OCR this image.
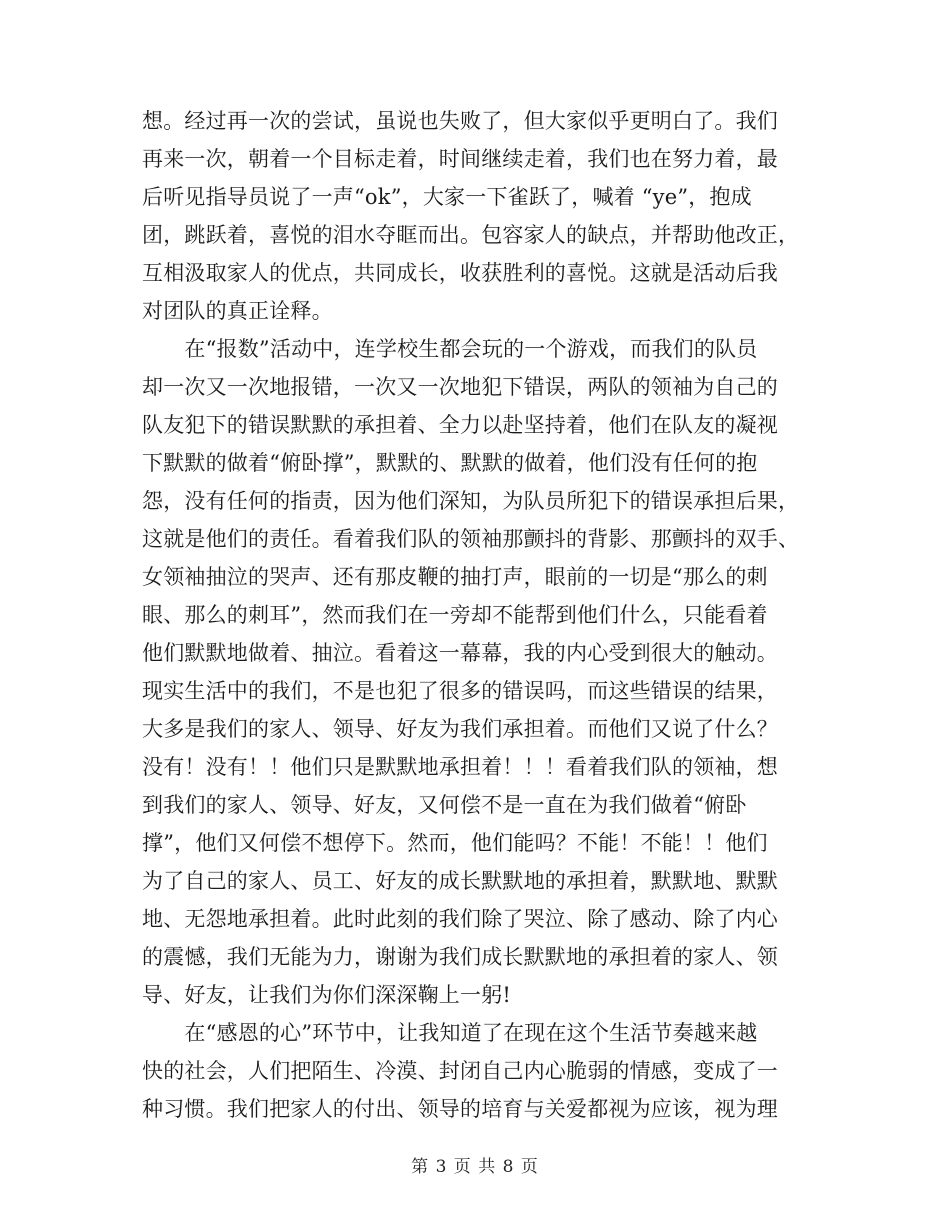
想。经过再一次的尝试，虽说也失败了，但大家似乎更明白了。我们
再来一次，朝着一个目标走着，时间继续走着，我们也在努力着，最
后听见指导员说了一声“ok”，大家一下雀跃了，喊着 “ye”，抱成
团，跳跃着，喜悦的泪水夺眶而出。包容家人的缺点，并帮助他改正，
互相汲取家人的优点，共同成长，收获胜利的喜悦。这就是活动后我
对团队的真正诠释。
　　在“报数”活动中，连学校生都会玩的一个游戏，而我们的队员
却一次又一次地报错，一次又一次地犯下错误，两队的领袖为自己的
队友犯下的错误默默的承担着、全力以赴坚持着，他们在队友的凝视
下默默的做着“俯卧撑”，默默的、默默的做着，他们没有任何的抱
怨，没有任何的指责，因为他们深知，为队员所犯下的错误承担后果，
这就是他们的责任。看着我们队的领袖那颤抖的背影、那颤抖的双手、
女领袖抽泣的哭声、还有那皮鞭的抽打声，眼前的一切是“那么的刺
眼、那么的刺耳”，然而我们在一旁却不能帮到他们什么，只能看着
他们默默地做着、抽泣。看着这一幕幕，我的内心受到很大的触动。
现实生活中的我们，不是也犯了很多的错误吗，而这些错误的结果，
大多是我们的家人、领导、好友为我们承担着。而他们又说了什么？
没有！没有！！他们只是默默地承担着！！！看着我们队的领袖，想
到我们的家人、领导、好友，又何偿不是一直在为我们做着“俯卧
撑”，他们又何偿不想停下。然而，他们能吗？不能！不能！！他们
为了自己的家人、员工、好友的成长默默地的承担着，默默地、默默
地、无怨地承担着。此时此刻的我们除了哭泣、除了感动、除了内心
的震憾，我们无能为力，谢谢为我们成长默默地的承担着的家人、领
导、好友，让我们为你们深深鞠上一躬!
　　在“感恩的心”环节中，让我知道了在现在这个生活节奏越来越
快的社会，人们把陌生、冷漠、封闭自己内心脆弱的情感，变成了一
种习惯。我们把家人的付出、领导的培育与关爱都视为应该，视为理
第 3 页 共 8 页
